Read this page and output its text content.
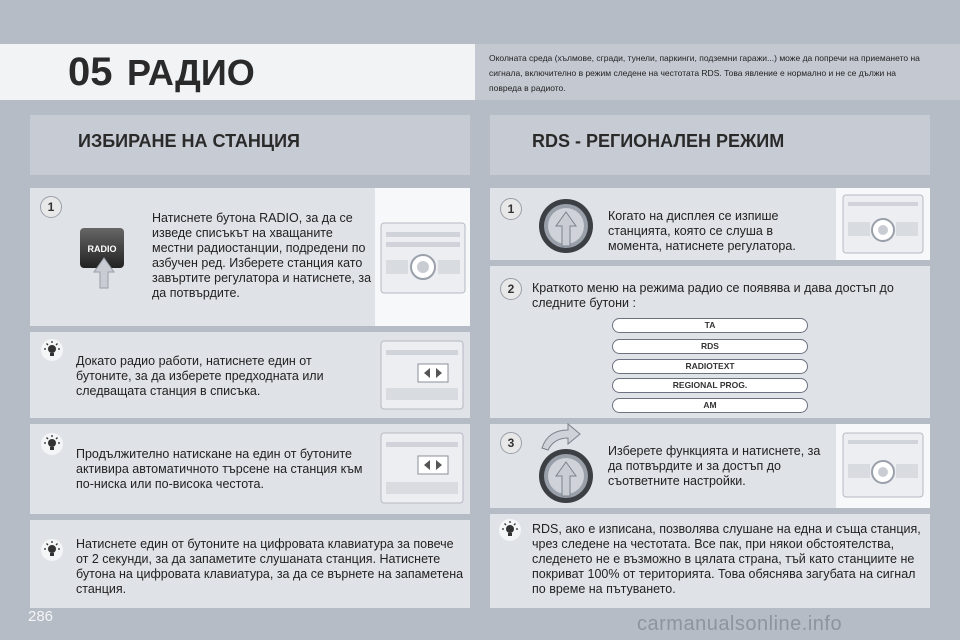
05 РАДИО	Околната среда (хълмове, сгради, тунели, паркинги, подземни гаражи...) може да попречи на приемането на сигнала, включително в режим следене на честотата RDS. Това явление е нормално и не се дължи на повреда в радиото.
ИЗБИРАНЕ НА СТАНЦИЯ	RDS - РЕГИОНАЛЕН РЕЖИМ
1
RADIO
Натиснете бутона RADIO, за да се изведе списъкът на хващаните местни радиостанции, подредени по азбучен ред. Изберете станция като завъртите регулатора и натиснете, за да потвърдите.
Докато радио работи, натиснете един от бутоните, за да изберете предходната или следващата станция в списъка.
Продължително натискане на един от бутоните активира автоматичното търсене на станция към по-ниска или по-висока честота.
Натиснете един от бутоните на цифровата клавиатура за повече от 2 секунди, за да запаметите слушаната станция. Натиснете бутона на цифровата клавиатура, за да се върнете на запаметена станция.
1	Когато на дисплея се изпише станцията, която се слуша в момента, натиснете регулатора.
2	Краткото меню на режима радио се появява и дава достъп до следните бутони :
TA
RDS
RADIOTEXT
REGIONAL PROG.
AM
3
Изберете функцията и натиснете, за да потвърдите и за достъп до съответните настройки.
RDS, ако е изписана, позволява слушане на една и съща станция, чрез следене на честотата. Все пак, при някои обстоятелства, следенето не е възможно в цялата страна, тъй като станциите не покриват 100% от територията. Това обяснява загубата на сигнал по време на пътуването.
286	carmanualsonline.info
